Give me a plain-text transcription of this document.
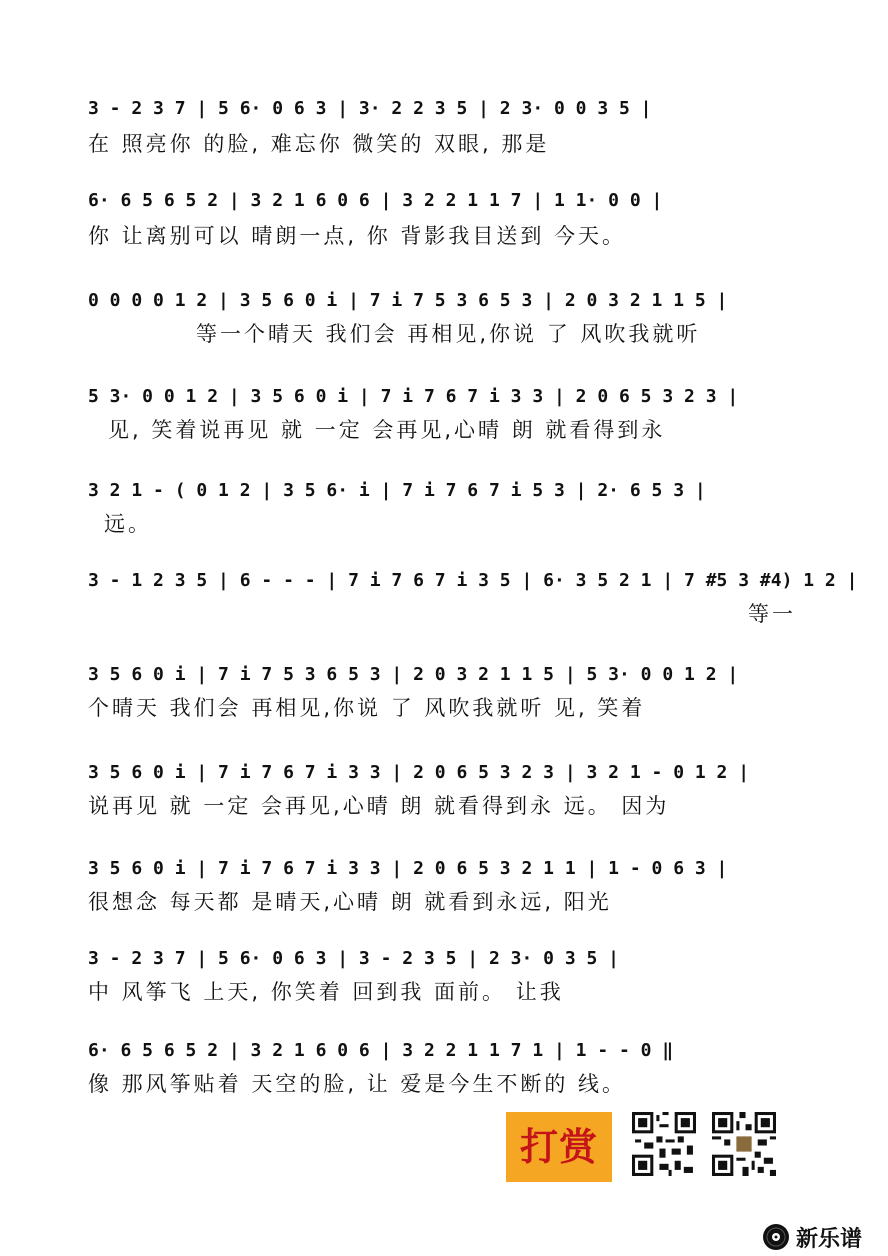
3 - 2 3 7 | 5 6· 0 6 3 | 3· 2 2 3 5 | 2 3· 0 0 3 5 |
在 照亮你 的脸, 难忘你 微笑的 双眼, 那是
6· 6 5 6 5 2 | 3 2 1 6 0 6 | 3 2 2 1 1 7 | 1 1· 0 0 |
你 让离别可以 晴朗一点, 你 背影我目送到 今天。
0 0 0 0 1 2 | 3 5 6 0 i | 7 i 7 5 3 6 5 3 | 2 0 3 2 1 1 5 |
等一个晴天 我们会 再相见,你说 了 风吹我就听
5 3· 0 0 1 2 | 3 5 6 0 i | 7 i 7 6 7 i 3 3 | 2 0 6 5 3 2 3 |
见, 笑着说再见 就 一定 会再见,心晴 朗 就看得到永
3 2 1 - ( 0 1 2 | 3 5 6· i | 7 i 7 6 7 i 5 3 | 2· 6 5 3 |
远。
3 - 1 2 3 5 | 6 - - - | 7 i 7 6 7 i 3 5 | 6· 3 5 2 1 | 7 #5 3 #4) 1 2 |
等一
3 5 6 0 i | 7 i 7 5 3 6 5 3 | 2 0 3 2 1 1 5 | 5 3· 0 0 1 2 |
个晴天 我们会 再相见,你说 了 风吹我就听 见, 笑着
3 5 6 0 i | 7 i 7 6 7 i 3 3 | 2 0 6 5 3 2 3 | 3 2 1 - 0 1 2 |
说再见 就 一定 会再见,心晴 朗 就看得到永 远。 因为
3 5 6 0 i | 7 i 7 6 7 i 3 3 | 2 0 6 5 3 2 1 1 | 1 - 0 6 3 |
很想念 每天都 是晴天,心晴 朗 就看到永远, 阳光
3 - 2 3 7 | 5 6· 0 6 3 | 3 - 2 3 5 | 2 3· 0 3 5 |
中 风筝飞 上天, 你笑着 回到我 面前。 让我
6· 6 5 6 5 2 | 3 2 1 6 0 6 | 3 2 2 1 1 7 1 | 1 - - 0 ‖
像 那风筝贴着 天空的脸, 让 爱是今生不断的 线。
打赏
新乐谱
